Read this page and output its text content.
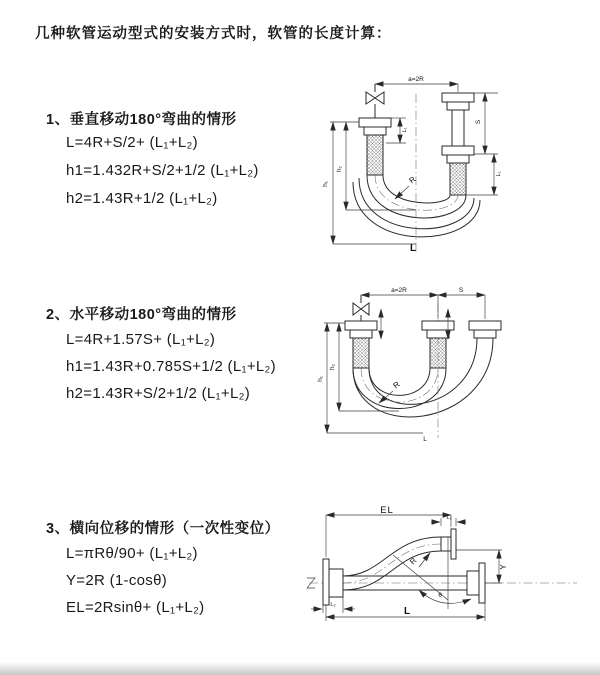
几种软管运动型式的安装方式时，软管的长度计算：
1、垂直移动180°弯曲的情形
L=4R+S/2+ (L₁+L₂)
h1=1.432R+S/2+1/2 (L₁+L₂)
h2=1.43R+1/2 (L₁+L₂)
2、水平移动180°弯曲的情形
L=4R+1.57S+ (L₁+L₂)
h1=1.43R+0.785S+1/2 (L₁+L₂)
h2=1.43R+S/2+1/2 (L₁+L₂)
3、横向位移的情形（一次性变位）
L=πRθ/90+ (L₁+L₂)
Y=2R (1-cosθ)
EL=2Rsinθ+ (L₁+L₂)
a=2R
h₁
h₂
L₁
S
L₁
R
L
a=2R	S
h₁
h₂
R
L
EL
L₁
Y
θ
R
L₂
L
